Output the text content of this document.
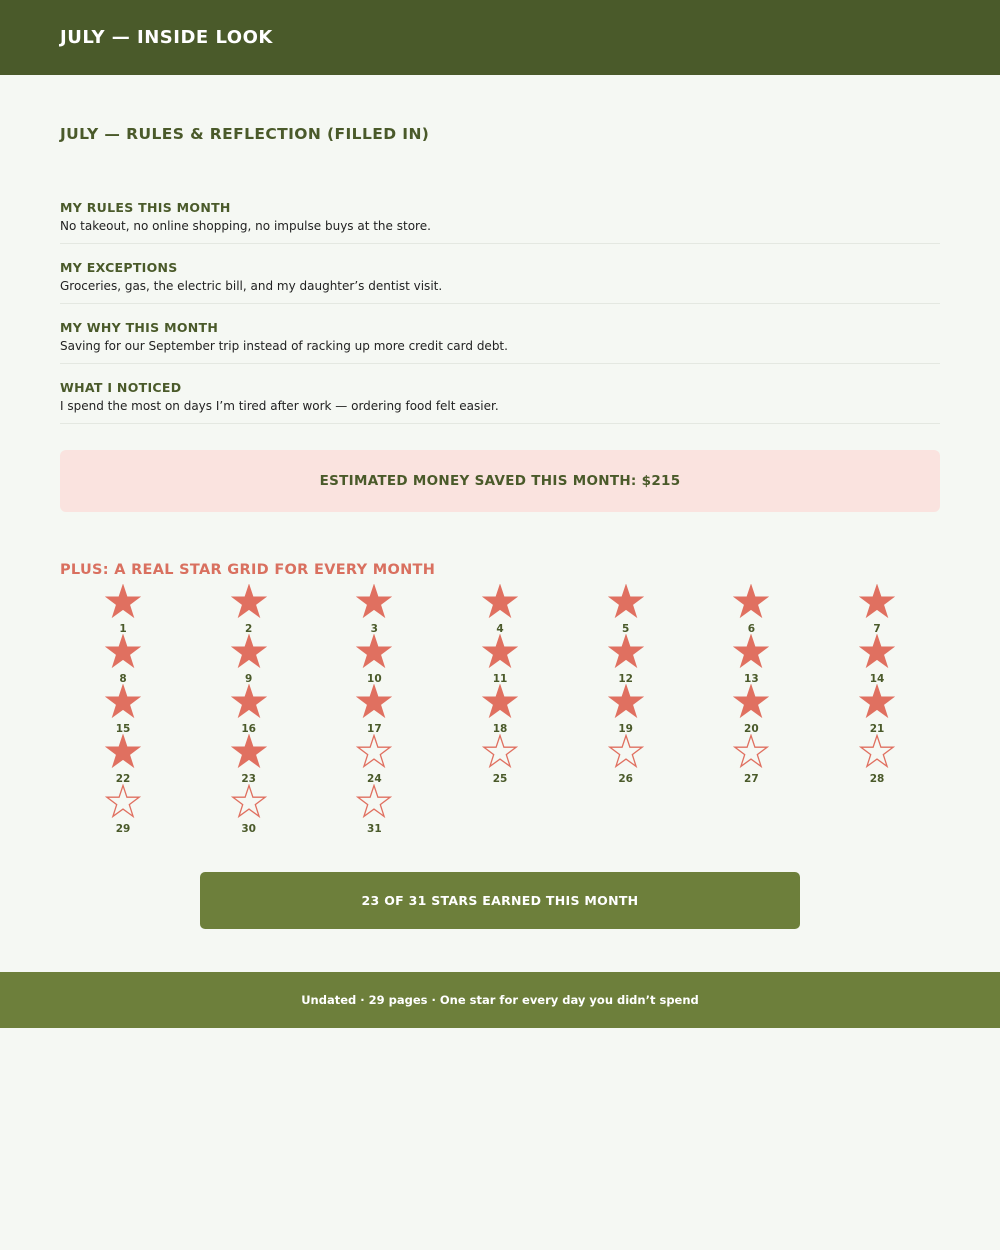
JULY — INSIDE LOOK
JULY — RULES & REFLECTION (FILLED IN)
MY RULES THIS MONTH
No takeout, no online shopping, no impulse buys at the store.
MY EXCEPTIONS
Groceries, gas, the electric bill, and my daughter’s dentist visit.
MY WHY THIS MONTH
Saving for our September trip instead of racking up more credit card debt.
WHAT I NOTICED
I spend the most on days I’m tired after work — ordering food felt easier.
ESTIMATED MONEY SAVED THIS MONTH: $215
PLUS: A REAL STAR GRID FOR EVERY MONTH
1	2	3	4	5	6	7
8	9	10	11	12	13	14
15	16	17	18	19	20	21
22	23	24	25	26	27	28
29	30	31
23 OF 31 STARS EARNED THIS MONTH
Undated · 29 pages · One star for every day you didn’t spend
